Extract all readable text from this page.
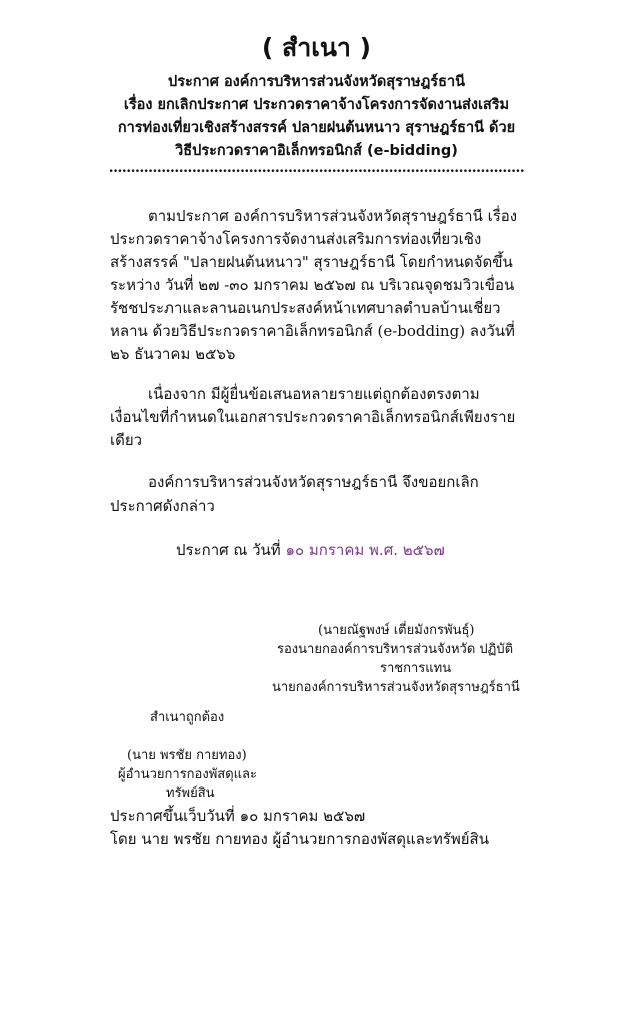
( สำเนา )
ประกาศ องค์การบริหารส่วนจังหวัดสุราษฎร์ธานี
เรื่อง ยกเลิกประกาศ ประกวดราคาจ้างโครงการจัดงานส่งเสริม
การท่องเที่ยวเชิงสร้างสรรค์ ปลายฝนต้นหนาว สุราษฎร์ธานี ด้วย
วิธีประกวดราคาอิเล็กทรอนิกส์ (e-bidding)
...............................................................................................
ตามประกาศ องค์การบริหารส่วนจังหวัดสุราษฎร์ธานี เรื่อง
ประกวดราคาจ้างโครงการจัดงานส่งเสริมการท่องเที่ยวเชิง
สร้างสรรค์ "ปลายฝนต้นหนาว" สุราษฎร์ธานี โดยกำหนดจัดขึ้น
ระหว่าง วันที่ ๒๗ -๓๐ มกราคม ๒๕๖๗ ณ บริเวณจุดชมวิวเขื่อน
รัชชประภาและลานอเนกประสงค์หน้าเทศบาลตำบลบ้านเชี่ยว
หลาน ด้วยวิธีประกวดราคาอิเล็กทรอนิกส์ (e-bodding) ลงวันที่
๒๖ ธันวาคม ๒๕๖๖
เนื่องจาก มีผู้ยื่นข้อเสนอหลายรายแต่ถูกต้องตรงตาม
เงื่อนไขที่กำหนดในเอกสารประกวดราคาอิเล็กทรอนิกส์เพียงราย
เดียว
องค์การบริหารส่วนจังหวัดสุราษฎร์ธานี จึงขอยกเลิก
ประกาศดังกล่าว
ประกาศ ณ วันที่ ๑๐ มกราคม พ.ศ. ๒๕๖๗
(นายณัฐพงษ์ เตี่ยมังกรพันธุ์)
รองนายกองค์การบริหารส่วนจังหวัด ปฏิบัติ
ราชการแทน
นายกองค์การบริหารส่วนจังหวัดสุราษฎร์ธานี
สำเนาถูกต้อง
(นาย พรชัย กายทอง)
ผู้อำนวยการกองพัสดุและ
ทรัพย์สิน
ประกาศขึ้นเว็บวันที่ ๑๐ มกราคม ๒๕๖๗
โดย นาย พรชัย กายทอง ผู้อำนวยการกองพัสดุและทรัพย์สิน
